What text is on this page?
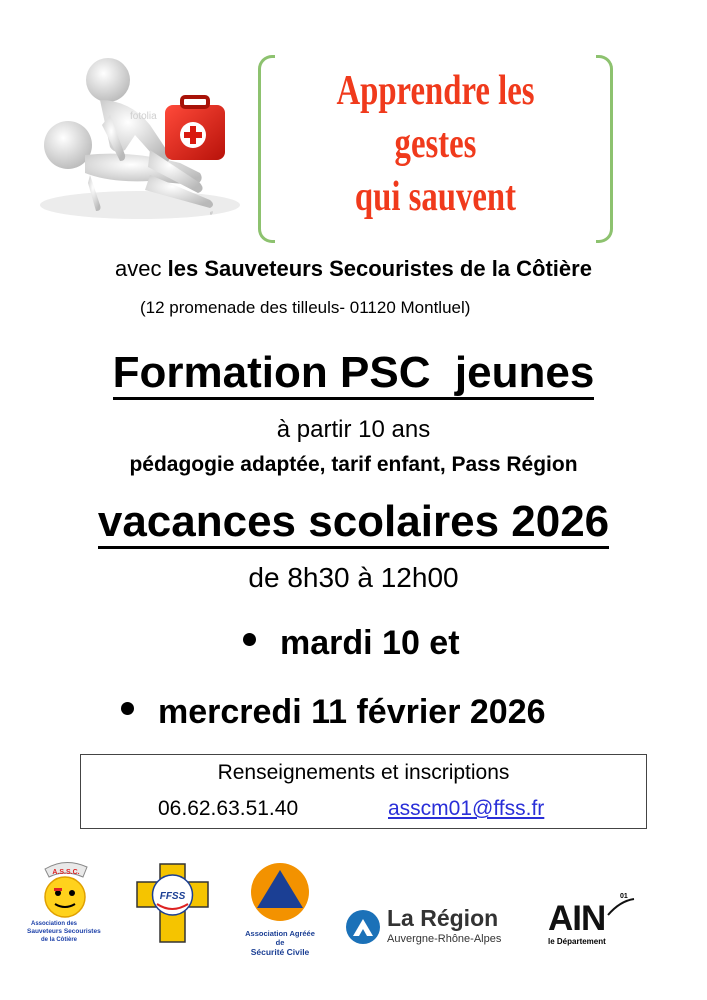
fotolia
#
Apprendre les
gestes
qui sauvent
avec les Sauveteurs Secouristes de la Côtière
(12 promenade des tilleuls- 01120 Montluel)
Formation PSC  jeunes
à partir 10 ans
pédagogie adaptée, tarif enfant, Pass Région
vacances scolaires 2026
de 8h30 à 12h00
mardi 10 et
mercredi 11 février 2026
Renseignements et inscriptions
06.62.63.51.40	asscm01@ffss.fr
A.S.S.C.
Association des
Sauveteurs Secouristes
de la Côtière
FFSS
Association Agréée de
Sécurité Civile
La Région
Auvergne-Rhône-Alpes
AIN
01
le Département
